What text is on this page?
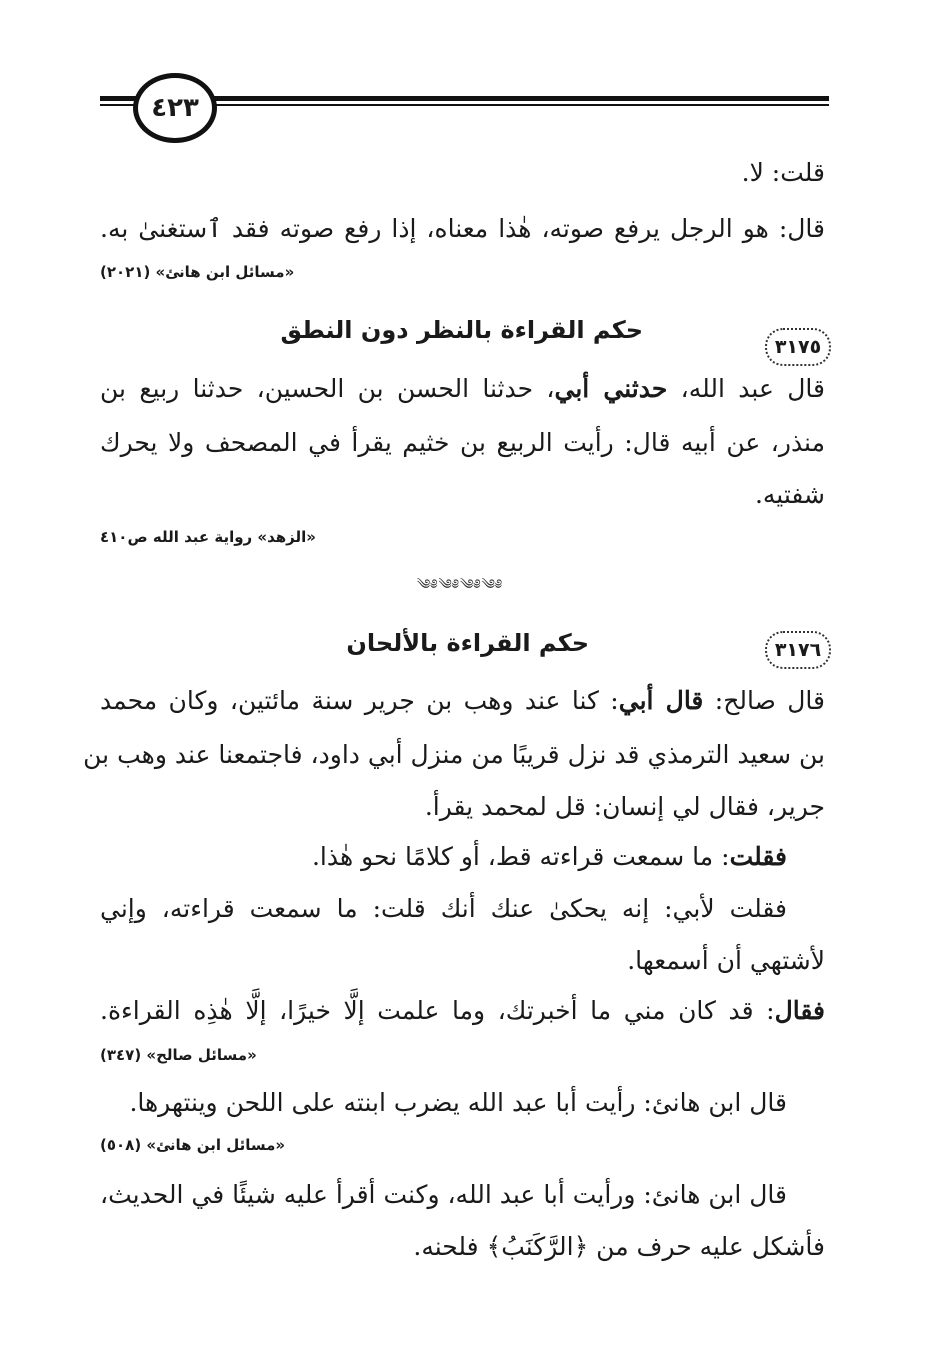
٤٢٣
قلت: لا.
قال: هو الرجل يرفع صوته، هٰذا معناه، إذا رفع صوته فقد ٱستغنىٰ به.
«مسائل ابن هانئ» (٢٠٢١)
٣١٧٥
حكم القراءة بالنظر دون النطق
قال عبد الله، حدثني أبي، حدثنا الحسن بن الحسين، حدثنا ربيع بن
منذر، عن أبيه قال: رأيت الربيع بن خثيم يقرأ في المصحف ولا يحرك
شفتيه.
«الزهد» رواية عبد الله ص٤١٠
༄༅༄༅༄༅༄༅
٣١٧٦
حكم القراءة بالألحان
قال صالح: قال أبي: كنا عند وهب بن جرير سنة مائتين، وكان محمد
بن سعيد الترمذي قد نزل قريبًا من منزل أبي داود، فاجتمعنا عند وهب بن
جرير، فقال لي إنسان: قل لمحمد يقرأ.
فقلت: ما سمعت قراءته قط، أو كلامًا نحو هٰذا.
فقلت لأبي: إنه يحكىٰ عنك أنك قلت: ما سمعت قراءته، وإني
لأشتهي أن أسمعها.
فقال: قد كان مني ما أخبرتك، وما علمت إلَّا خيرًا، إلَّا هٰذِه القراءة.
«مسائل صالح» (٣٤٧)
قال ابن هانئ: رأيت أبا عبد الله يضرب ابنته على اللحن وينتهرها.
«مسائل ابن هانئ» (٥٠٨)
قال ابن هانئ: ورأيت أبا عبد الله، وكنت أقرأ عليه شيئًا في الحديث،
فأشكل عليه حرف من ﴿الرَّكَنَبُ﴾ فلحنه.
